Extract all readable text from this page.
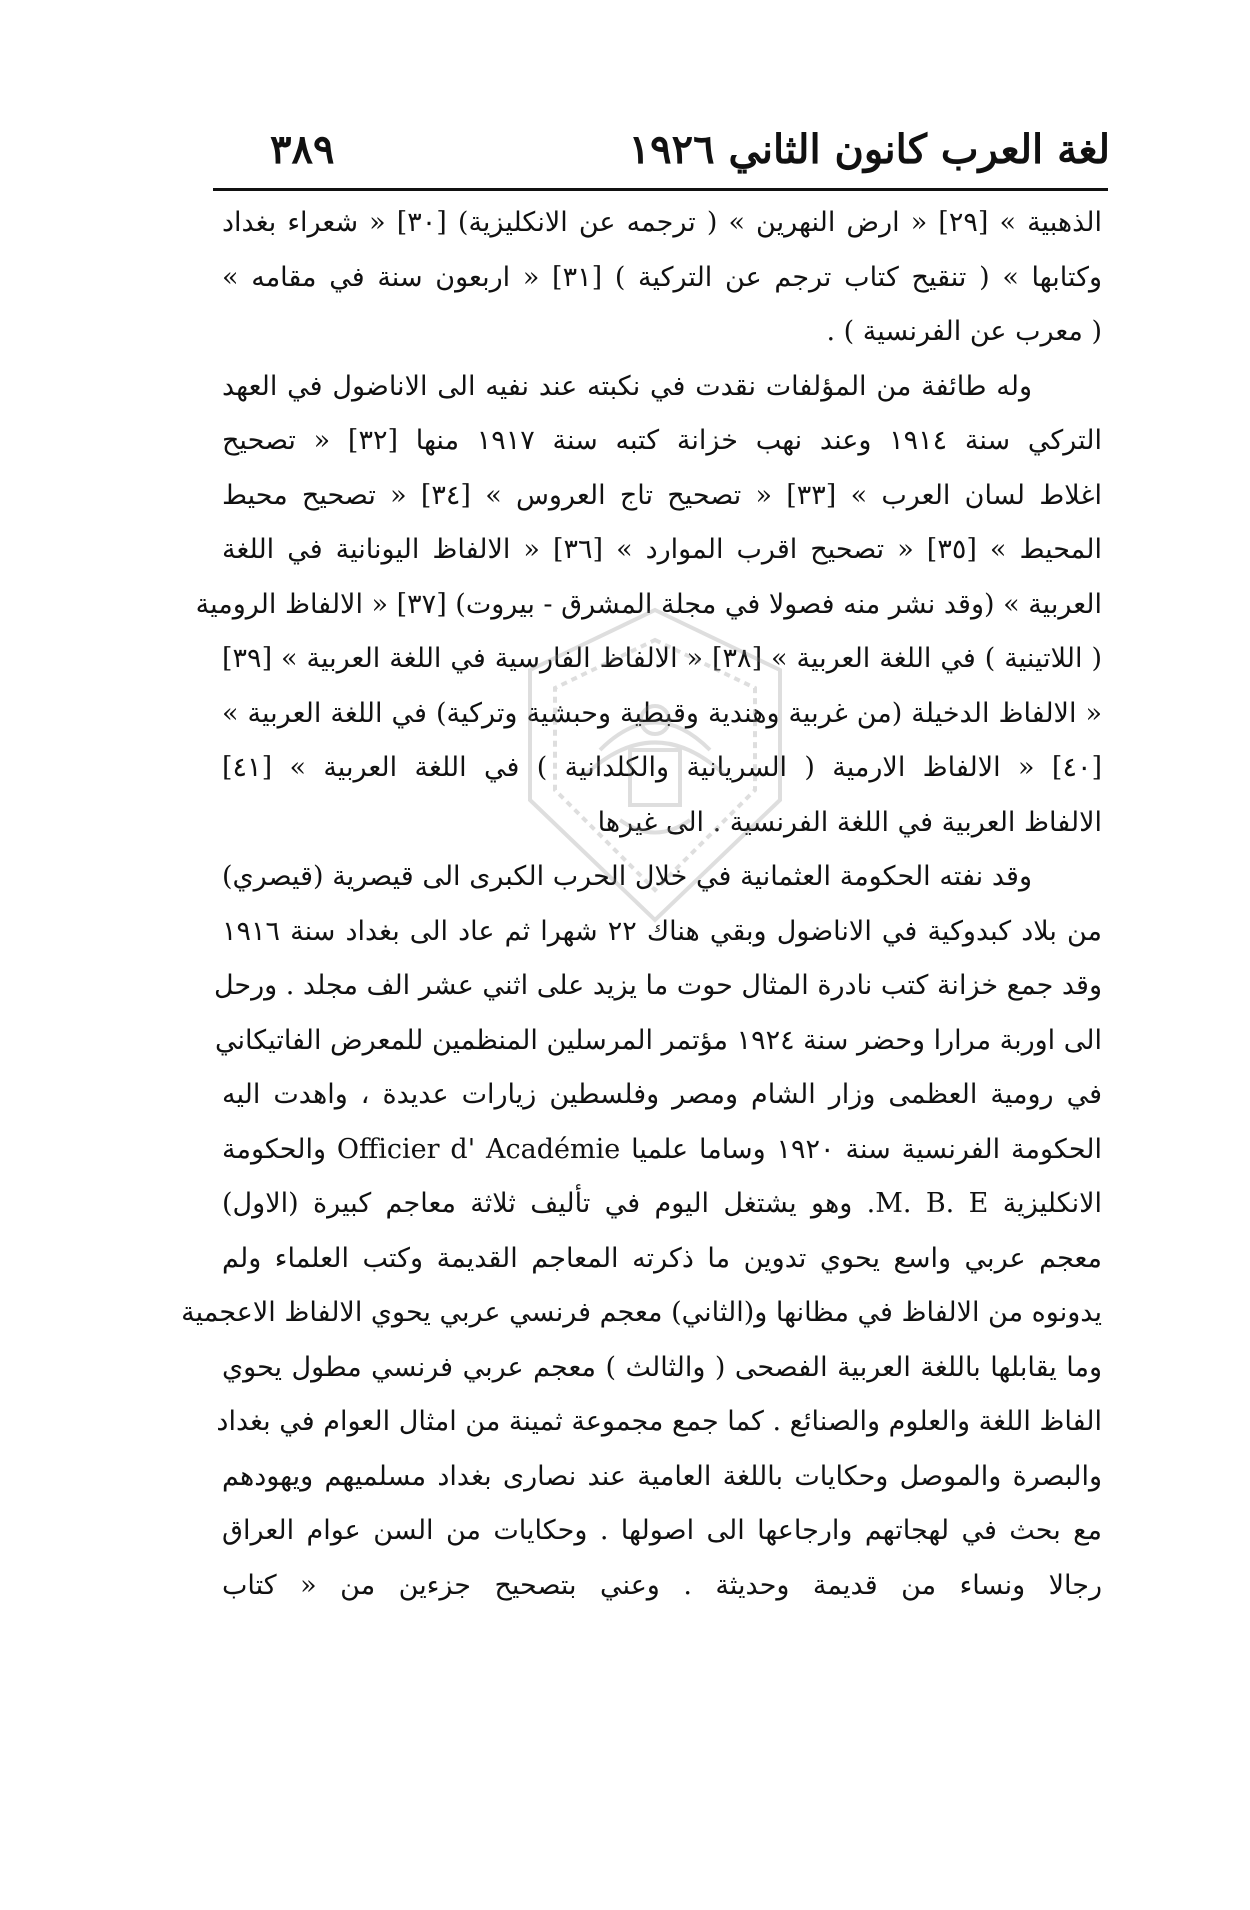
لغة العرب كانون الثاني ١٩٢٦
٣٨٩
الذهبية » [٢٩] « ارض النهرين » ( ترجمه عن الانكليزية) [٣٠] « شعراء بغداد
وكتابها » ( تنقيح كتاب ترجم عن التركية ) [٣١] « اربعون سنة في مقامه »
( معرب عن الفرنسية ) .
وله طائفة من المؤلفات نقدت في نكبته عند نفيه الى الاناضول في العهد
التركي سنة ١٩١٤ وعند نهب خزانة كتبه سنة ١٩١٧ منها [٣٢] « تصحيح
اغلاط لسان العرب » [٣٣] « تصحيح تاج العروس » [٣٤] « تصحيح محيط
المحيط » [٣٥] « تصحيح اقرب الموارد » [٣٦] « الالفاظ اليونانية في اللغة
العربية » (وقد نشر منه فصولا في مجلة المشرق - بيروت) [٣٧] « الالفاظ الرومية
( اللاتينية ) في اللغة العربية » [٣٨] « الالفاظ الفارسية في اللغة العربية » [٣٩]
« الالفاظ الدخيلة (من غربية وهندية وقبطية وحبشية وتركية) في اللغة العربية »
[٤٠] « الالفاظ الارمية ( السريانية والكلدانية ) في اللغة العربية » [٤١]
الالفاظ العربية في اللغة الفرنسية . الى غيرها
وقد نفته الحكومة العثمانية في خلال الحرب الكبرى الى قيصرية (قيصري)
من بلاد كبدوكية في الاناضول وبقي هناك ٢٢ شهرا ثم عاد الى بغداد سنة ١٩١٦
وقد جمع خزانة كتب نادرة المثال حوت ما يزيد على اثني عشر الف مجلد . ورحل
الى اوربة مرارا وحضر سنة ١٩٢٤ مؤتمر المرسلين المنظمين للمعرض الفاتيكاني
في رومية العظمى وزار الشام ومصر وفلسطين زيارات عديدة ، واهدت اليه
الحكومة الفرنسية سنة ١٩٢٠ وساما علميا Officier d' Académie والحكومة
الانكليزية M. B. E. وهو يشتغل اليوم في تأليف ثلاثة معاجم كبيرة (الاول)
معجم عربي واسع يحوي تدوين ما ذكرته المعاجم القديمة وكتب العلماء ولم
يدونوه من الالفاظ في مظانها و(الثاني) معجم فرنسي عربي يحوي الالفاظ الاعجمية
وما يقابلها باللغة العربية الفصحى ( والثالث ) معجم عربي فرنسي مطول يحوي
الفاظ اللغة والعلوم والصنائع . كما جمع مجموعة ثمينة من امثال العوام في بغداد
والبصرة والموصل وحكايات باللغة العامية عند نصارى بغداد مسلميهم ويهودهم
مع بحث في لهجاتهم وارجاعها الى اصولها . وحكايات من السن عوام العراق
رجالا ونساء من قديمة وحديثة . وعني بتصحيح جزءين من « كتاب
